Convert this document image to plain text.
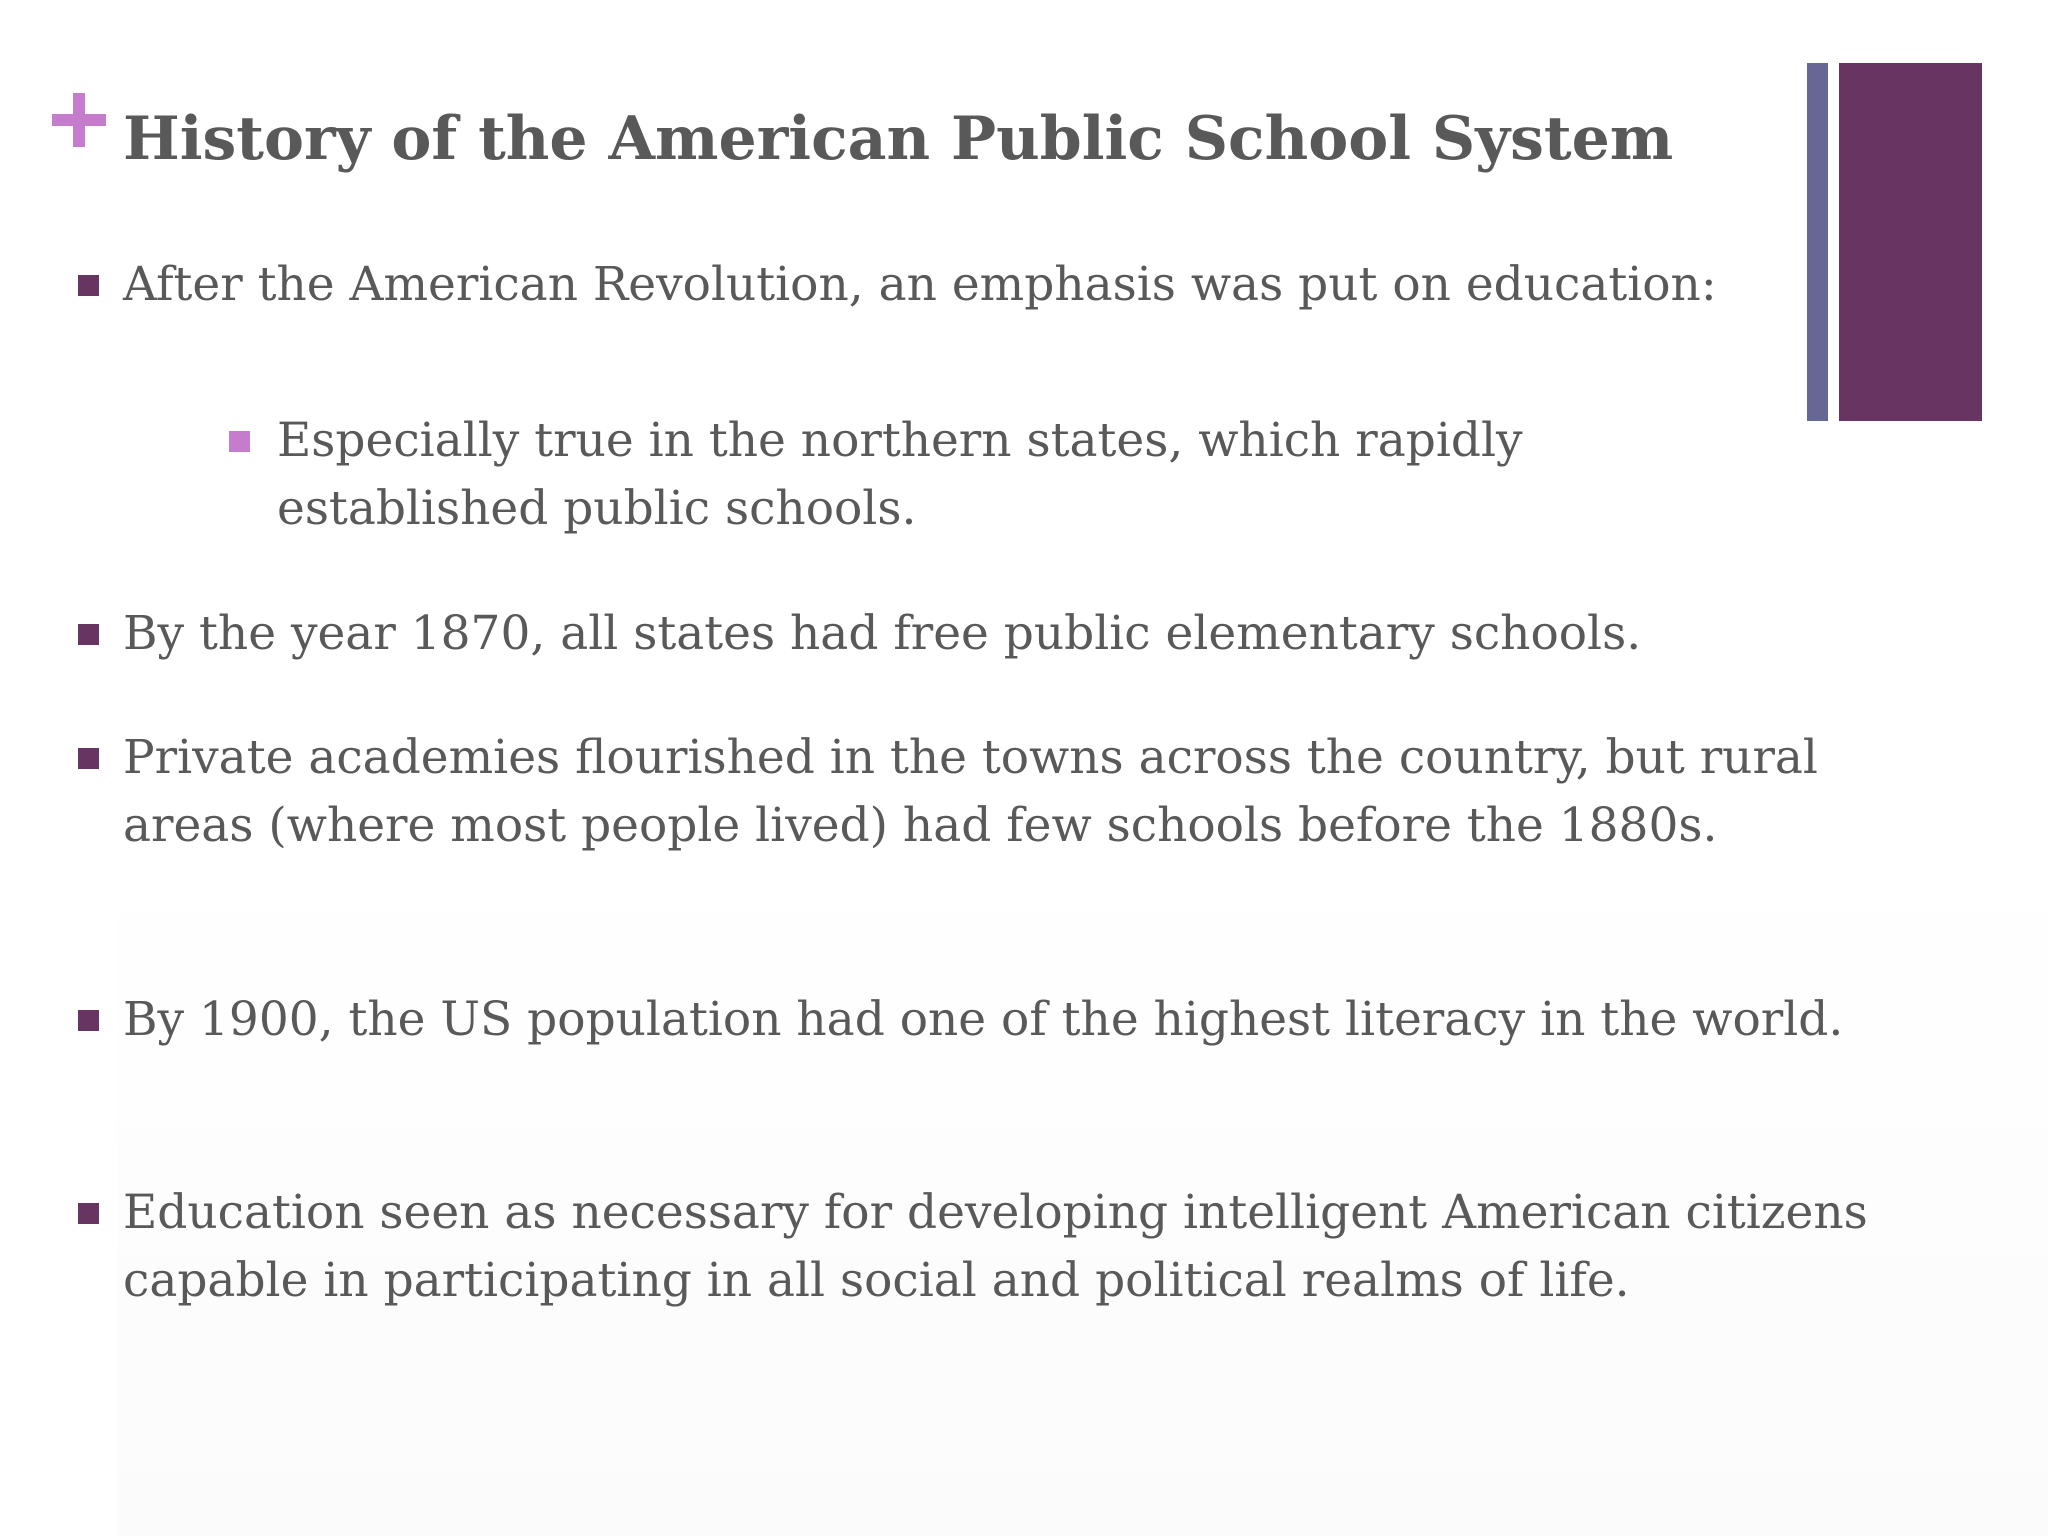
History of the American Public School System
After the American Revolution, an emphasis was put on education:
Especially true in the northern states, which rapidly established public schools.
By the year 1870, all states had free public elementary schools.
Private academies flourished in the towns across the country, but rural areas (where most people lived) had few schools before the 1880s.
By 1900, the US population had one of the highest literacy in the world.
Education seen as necessary for developing intelligent American citizens capable in participating in all social and political realms of life.
